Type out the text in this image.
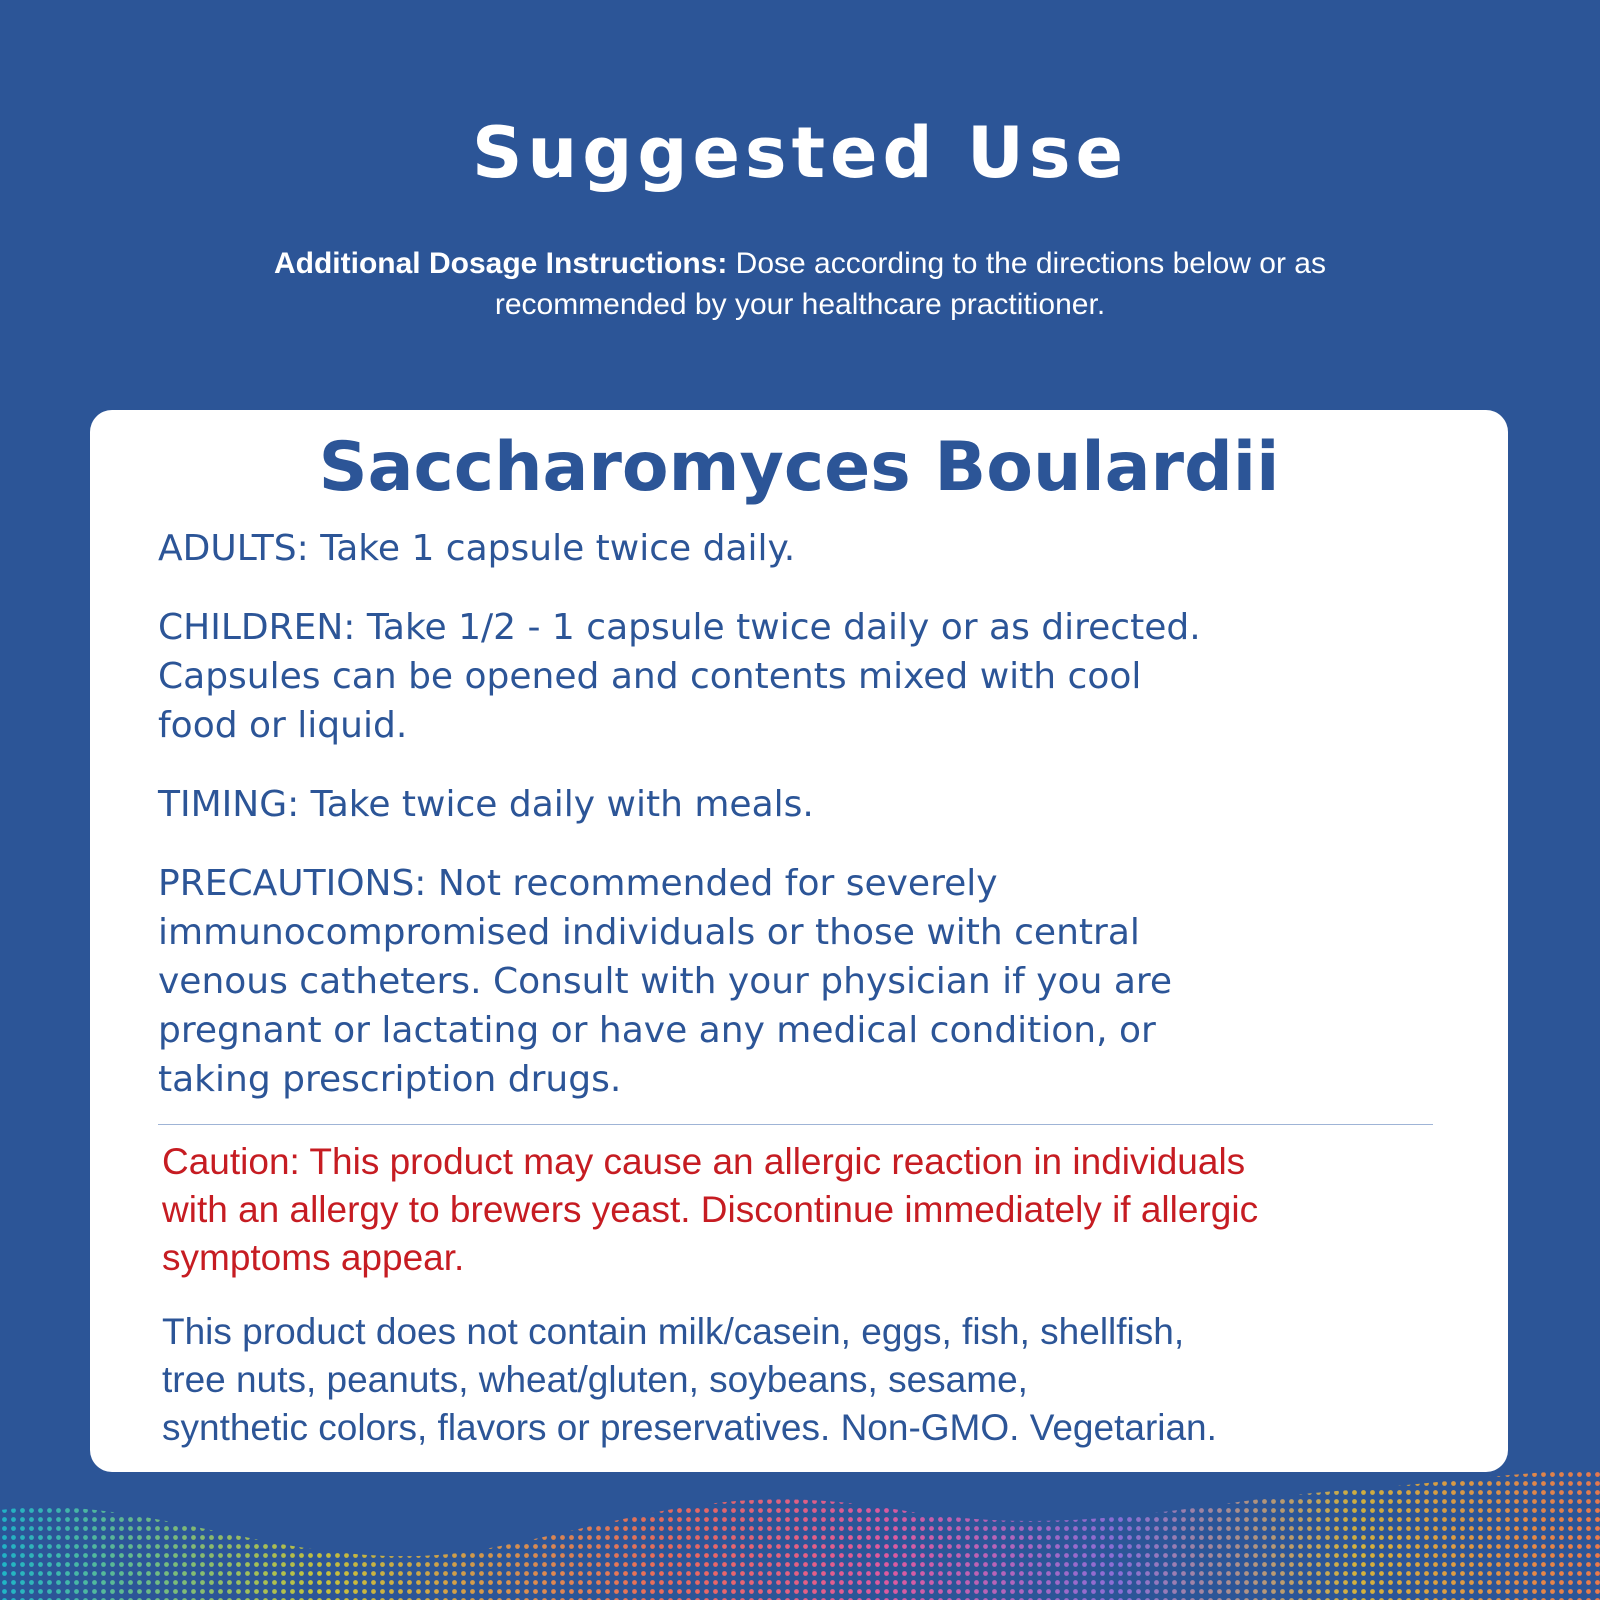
Suggested Use
Additional Dosage Instructions: Dose according to the directions below or as recommended by your healthcare practitioner.
Saccharomyces Boulardii

ADULTS: Take 1 capsule twice daily.

CHILDREN: Take 1/2 - 1 capsule twice daily or as directed.
Capsules can be opened and contents mixed with cool
food or liquid.

TIMING: Take twice daily with meals.

PRECAUTIONS: Not recommended for severely
immunocompromised individuals or those with central
venous catheters. Consult with your physician if you are
pregnant or lactating or have any medical condition, or
taking prescription drugs.

Caution: This product may cause an allergic reaction in individuals
with an allergy to brewers yeast. Discontinue immediately if allergic
symptoms appear.

This product does not contain milk/casein, eggs, fish, shellfish,
tree nuts, peanuts, wheat/gluten, soybeans, sesame,
synthetic colors, flavors or preservatives. Non-GMO. Vegetarian.
